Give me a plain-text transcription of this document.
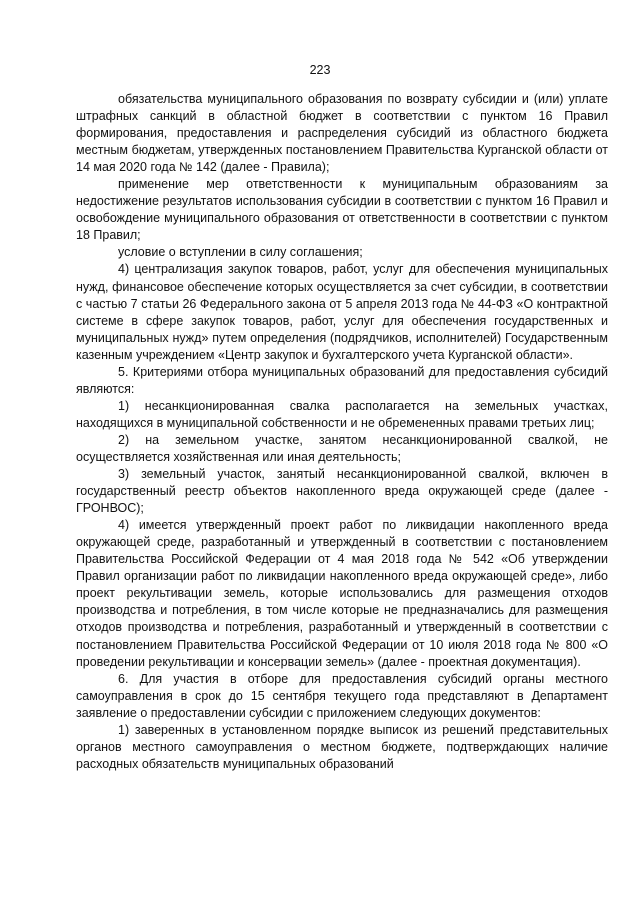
223

обязательства муниципального образования по возврату субсидии и (или) уплате штрафных санкций в областной бюджет в соответствии с пунктом 16 Правил формирования, предоставления и распределения субсидий из областного бюджета местным бюджетам, утвержденных постановлением Правительства Курганской области от 14 мая 2020 года № 142 (далее - Правила);

применение мер ответственности к муниципальным образованиям за недостижение результатов использования субсидии в соответствии с пунктом 16 Правил и освобождение муниципального образования от ответственности в соответствии с пунктом 18 Правил;

условие о вступлении в силу соглашения;

4) централизация закупок товаров, работ, услуг для обеспечения муниципальных нужд, финансовое обеспечение которых осуществляется за счет субсидии, в соответствии с частью 7 статьи 26 Федерального закона от 5 апреля 2013 года № 44-ФЗ «О контрактной системе в сфере закупок товаров, работ, услуг для обеспечения государственных и муниципальных нужд» путем определения (подрядчиков, исполнителей) Государственным казенным учреждением «Центр закупок и бухгалтерского учета Курганской области».

5. Критериями отбора муниципальных образований для предоставления субсидий являются:

1) несанкционированная свалка располагается на земельных участках, находящихся в муниципальной собственности и не обремененных правами третьих лиц;

2) на земельном участке, занятом несанкционированной свалкой, не осуществляется хозяйственная или иная деятельность;

3) земельный участок, занятый несанкционированной свалкой, включен в государственный реестр объектов накопленного вреда окружающей среде (далее - ГРОНВОС);

4) имеется утвержденный проект работ по ликвидации накопленного вреда окружающей среде, разработанный и утвержденный в соответствии с постановлением Правительства Российской Федерации от 4 мая 2018 года № 542 «Об утверждении Правил организации работ по ликвидации накопленного вреда окружающей среде», либо проект рекультивации земель, которые использовались для размещения отходов производства и потребления, в том числе которые не предназначались для размещения отходов производства и потребления, разработанный и утвержденный в соответствии с постановлением Правительства Российской Федерации от 10 июля 2018 года № 800 «О проведении рекультивации и консервации земель» (далее - проектная документация).

6. Для участия в отборе для предоставления субсидий органы местного самоуправления в срок до 15 сентября текущего года представляют в Департамент заявление о предоставлении субсидии с приложением следующих документов:

1) заверенных в установленном порядке выписок из решений представительных органов местного самоуправления о местном бюджете, подтверждающих наличие расходных обязательств муниципальных образований
